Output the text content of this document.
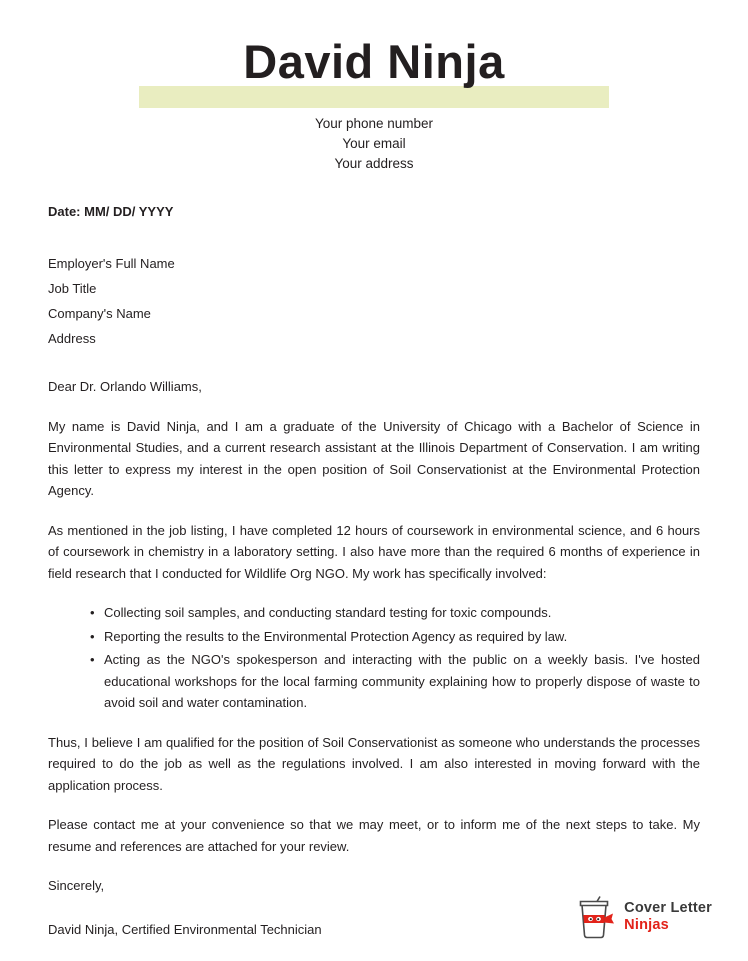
David Ninja
Your phone number
Your email
Your address
Date: MM/ DD/ YYYY
Employer's Full Name
Job Title
Company's Name
Address
Dear Dr. Orlando Williams,

My name is David Ninja, and I am a graduate of the University of Chicago with a Bachelor of Science in Environmental Studies, and a current research assistant at the Illinois Department of Conservation. I am writing this letter to express my interest in the open position of Soil Conservationist at the Environmental Protection Agency.

As mentioned in the job listing, I have completed 12 hours of coursework in environmental science, and 6 hours of coursework in chemistry in a laboratory setting. I also have more than the required 6 months of experience in field research that I conducted for Wildlife Org NGO. My work has specifically involved:

• Collecting soil samples, and conducting standard testing for toxic compounds.
• Reporting the results to the Environmental Protection Agency as required by law.
• Acting as the NGO's spokesperson and interacting with the public on a weekly basis. I've hosted educational workshops for the local farming community explaining how to properly dispose of waste to avoid soil and water contamination.

Thus, I believe I am qualified for the position of Soil Conservationist as someone who understands the processes required to do the job as well as the regulations involved. I am also interested in moving forward with the application process.

Please contact me at your convenience so that we may meet, or to inform me of the next steps to take. My resume and references are attached for your review.

Sincerely,
David Ninja, Certified Environmental Technician
Cover Letter
Ninjas
